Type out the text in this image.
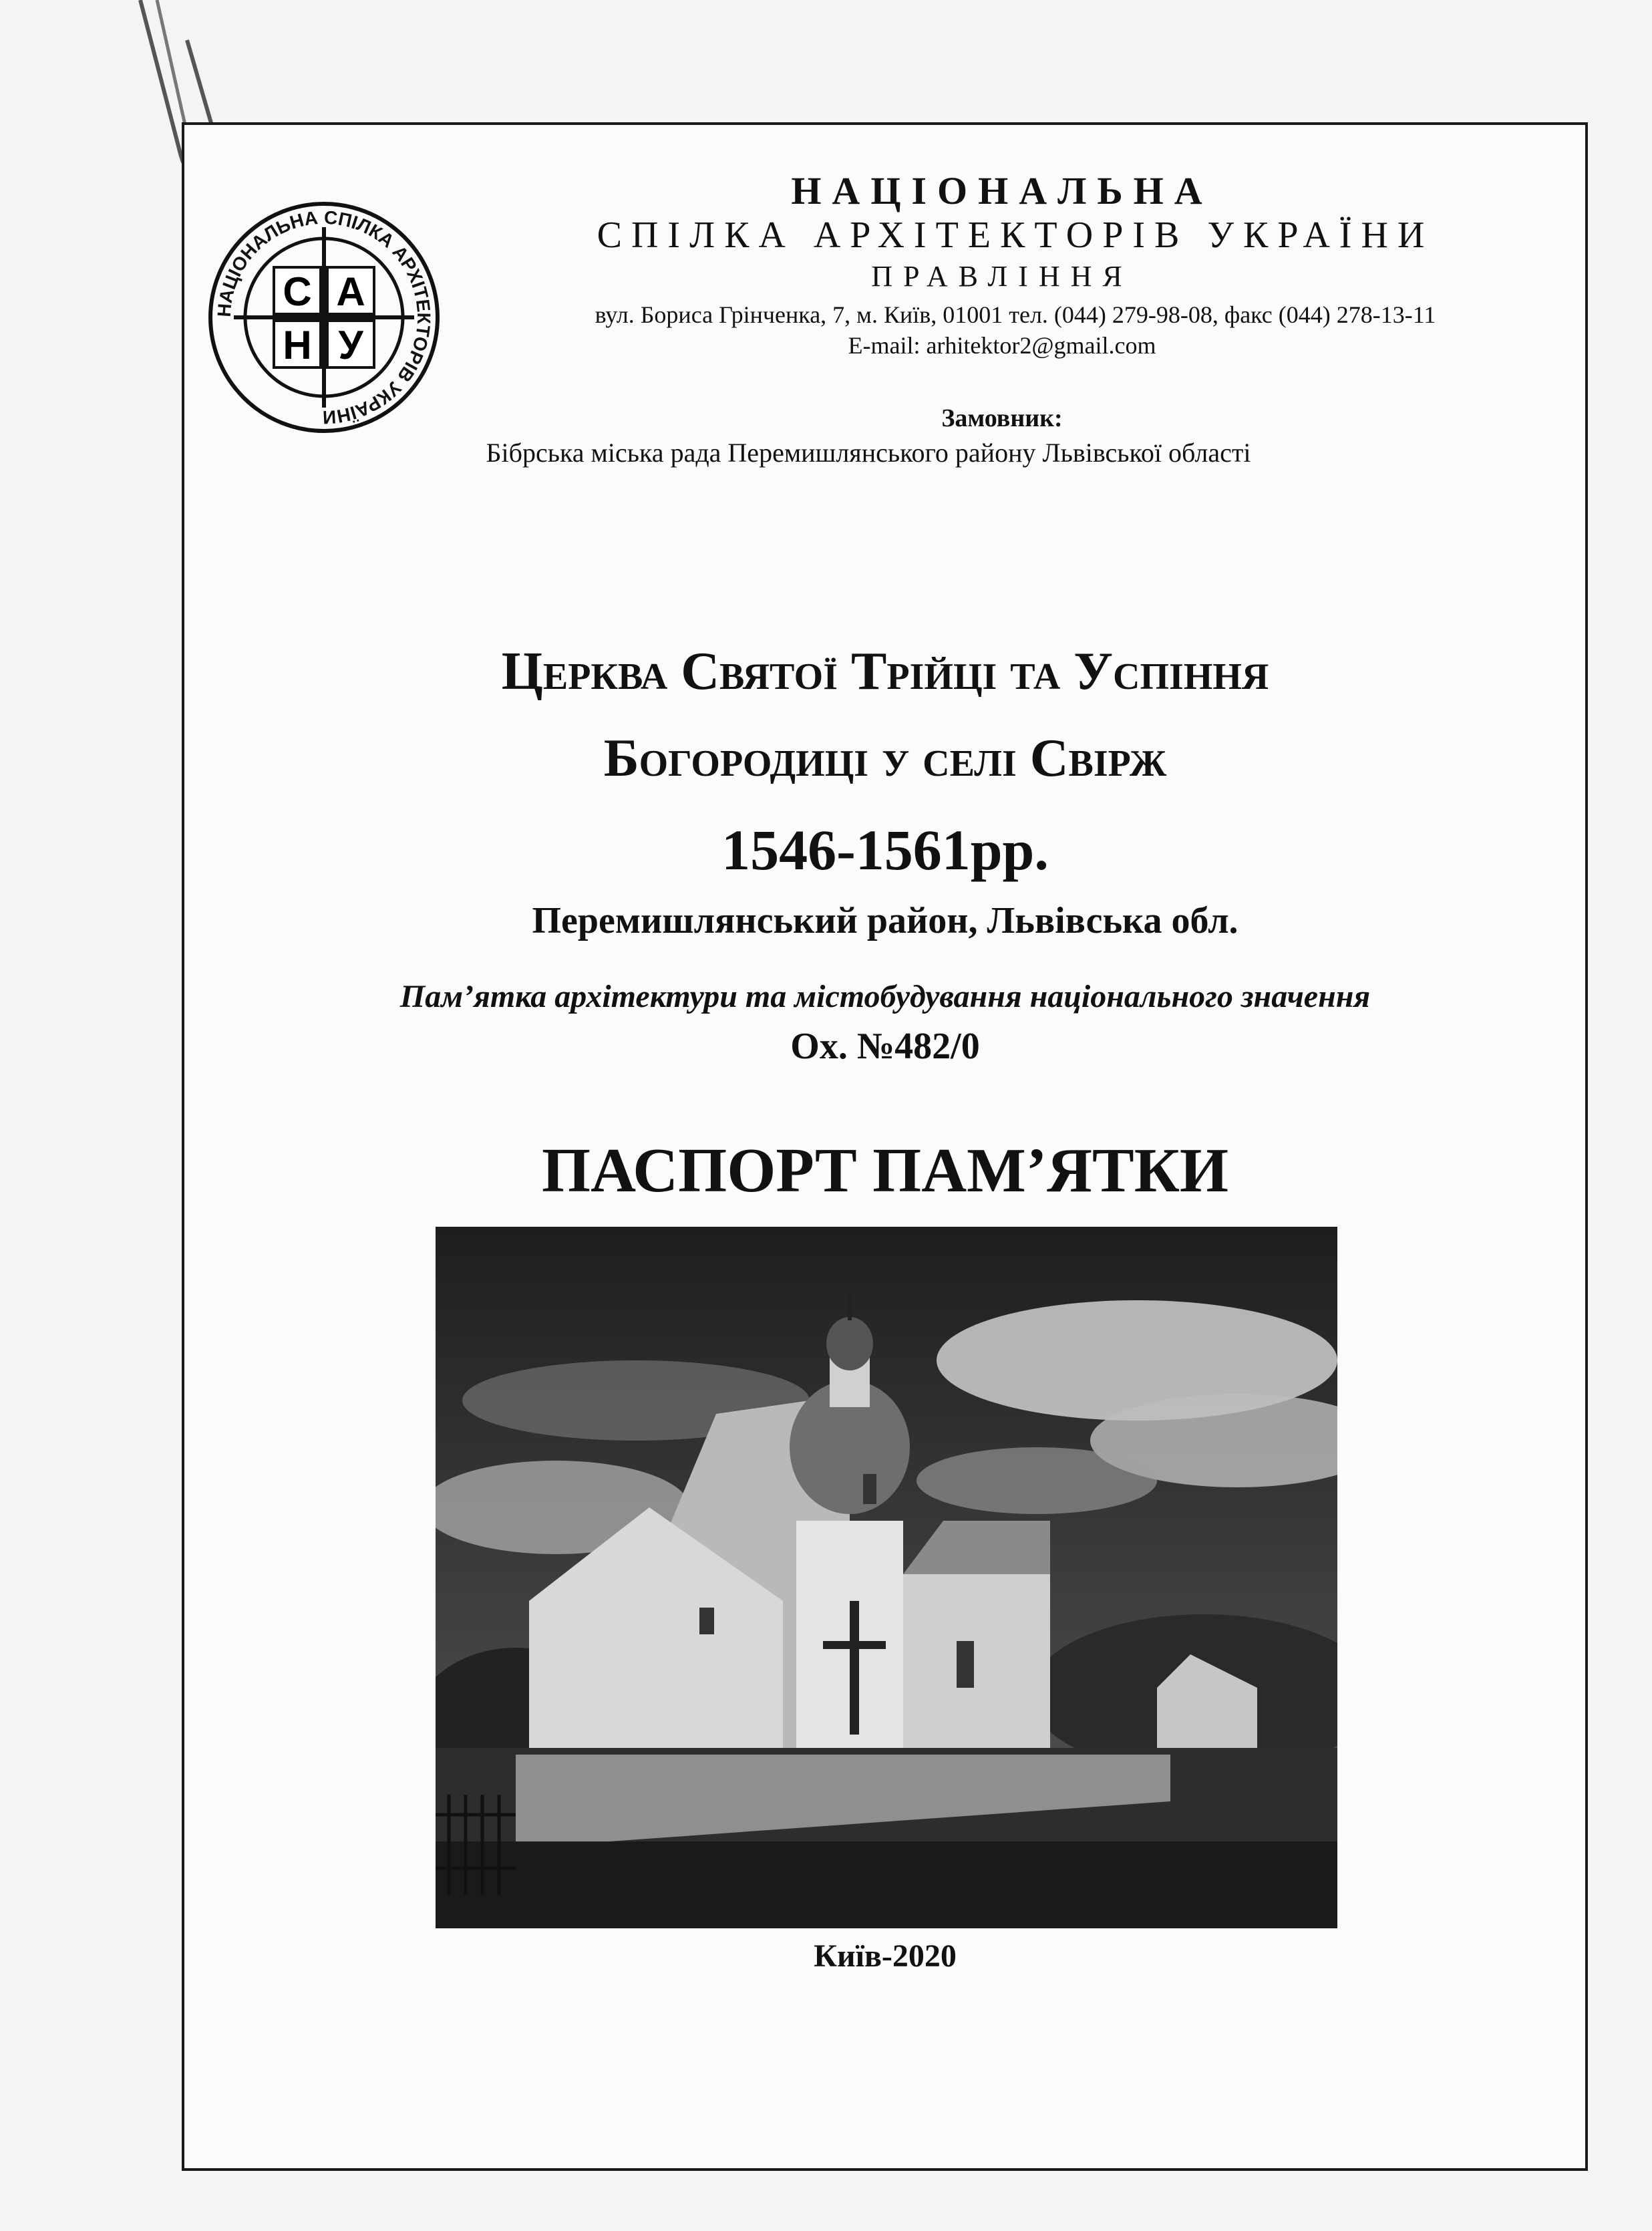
НАЦІОНАЛЬНА СПІЛКА АРХІТЕКТОРІВ УКРАЇНИ
С А
Н У
НАЦІОНАЛЬНА
СПІЛКА АРХІТЕКТОРІВ УКРАЇНИ
ПРАВЛІННЯ
вул. Бориса Грінченка, 7, м. Київ, 01001 тел. (044) 279-98-08, факс (044) 278-13-11
E-mail: arhitektor2@gmail.com
Замовник:
Бібрська міська рада Перемишлянського району Львівської області
Церква Святої Трійці та Успіння
Богородиці у селі Свірж
1546-1561рр.
Перемишлянський район, Львівська обл.
Пам’ятка архітектури та містобудування національного значення
Ох. №482/0
ПАСПОРТ ПАМ’ЯТКИ
Київ-2020
